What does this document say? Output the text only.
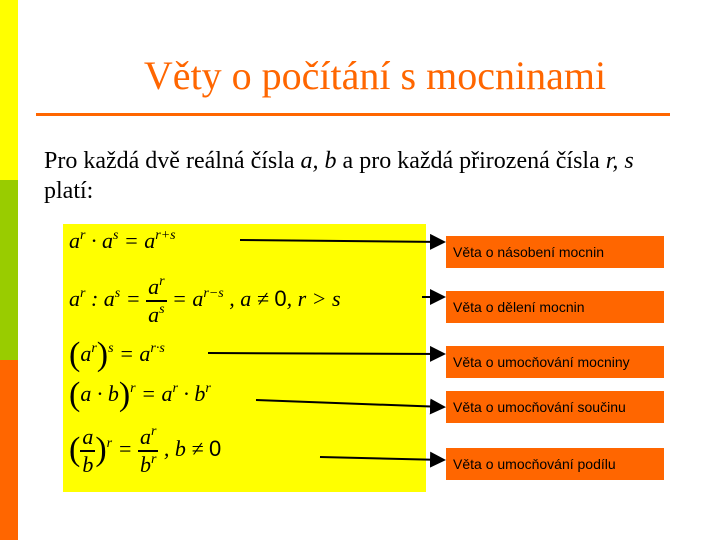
Věty o počítání s mocninami
Pro každá dvě reálná čísla a, b a pro každá přirozená čísla r, s platí:
$a^r \cdot a^s = a^{r+s}$
$a^r$ : $a^s = \frac{a^r}{a^s} = a^{r-s}$ , a ≠ 0, r > s
$(a^r)^s = a^{r\cdot s}$
$(a \cdot b)^r = a^r \cdot b^r$
( $\frac{a}{b} )^r = \frac{a^r}{b^r}$ , b ≠ 0
Věta o násobení mocnin
Věta o dělení mocnin
Věta o umocňování mocniny
Věta o umocňování součinu
Věta o umocňování podílu
